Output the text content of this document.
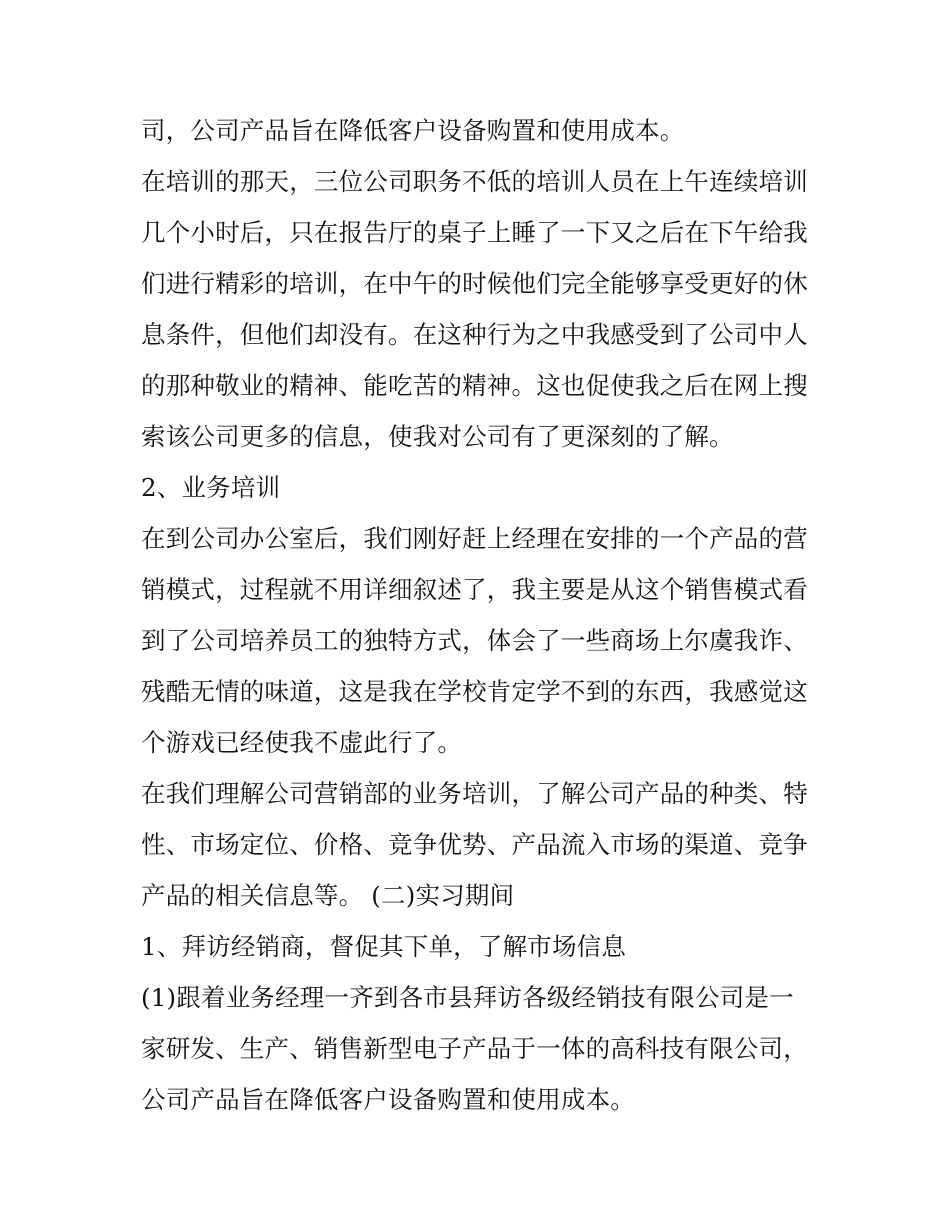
司，公司产品旨在降低客户设备购置和使用成本。
在培训的那天，三位公司职务不低的培训人员在上午连续培训
几个小时后，只在报告厅的桌子上睡了一下又之后在下午给我
们进行精彩的培训，在中午的时候他们完全能够享受更好的休
息条件，但他们却没有。在这种行为之中我感受到了公司中人
的那种敬业的精神、能吃苦的精神。这也促使我之后在网上搜
索该公司更多的信息，使我对公司有了更深刻的了解。
2、业务培训
在到公司办公室后，我们刚好赶上经理在安排的一个产品的营
销模式，过程就不用详细叙述了，我主要是从这个销售模式看
到了公司培养员工的独特方式，体会了一些商场上尔虞我诈、
残酷无情的味道，这是我在学校肯定学不到的东西，我感觉这
个游戏已经使我不虚此行了。
在我们理解公司营销部的业务培训，了解公司产品的种类、特
性、市场定位、价格、竞争优势、产品流入市场的渠道、竞争
产品的相关信息等。 (二)实习期间
1、拜访经销商，督促其下单，了解市场信息
(1)跟着业务经理一齐到各市县拜访各级经销技有限公司是一
家研发、生产、销售新型电子产品于一体的高科技有限公司，
公司产品旨在降低客户设备购置和使用成本。
